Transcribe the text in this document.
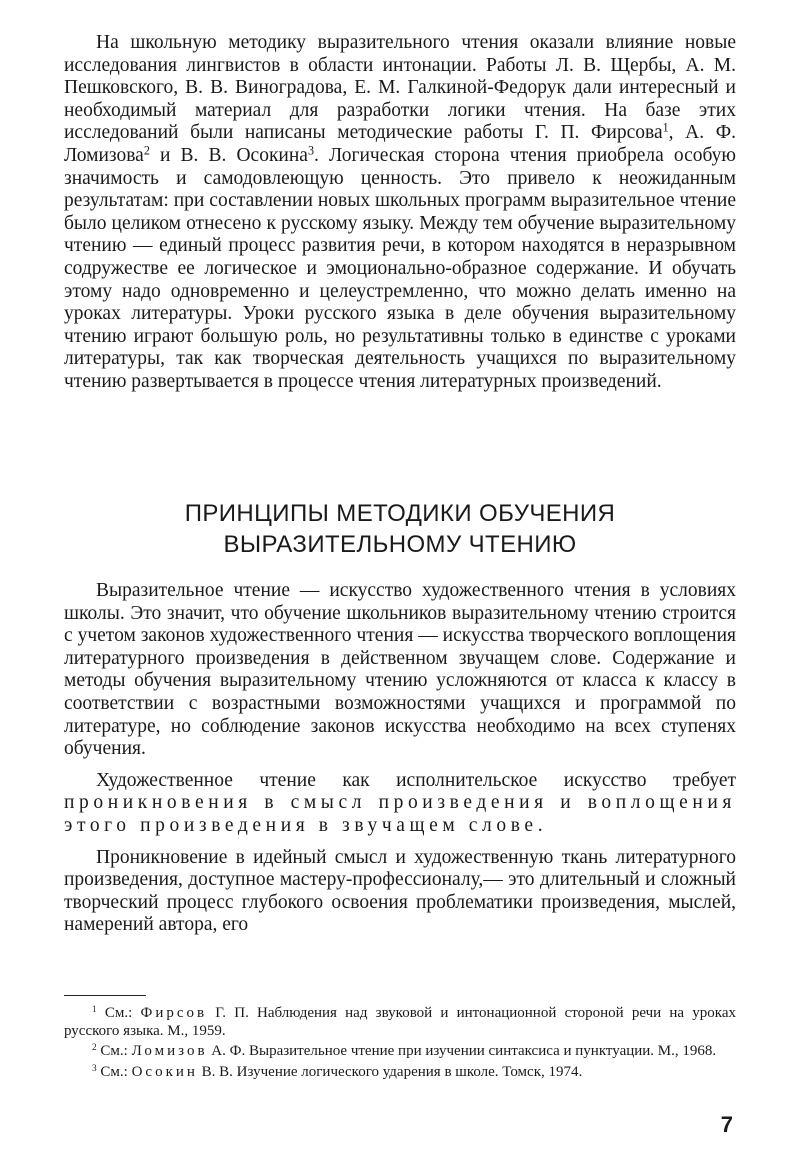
На школьную методику выразительного чтения оказали влияние новые исследования лингвистов в области интонации. Работы Л. В. Щербы, А. М. Пешковского, В. В. Виноградова, Е. М. Галкиной-Федорук дали интересный и необходимый материал для разработки логики чтения. На базе этих исследований были написаны методические работы Г. П. Фирсова$^1$, А. Ф. Ломизова$^2$ и В. В. Осокина$^3$. Логическая сторона чтения приобрела особую значимость и самодовлеющую ценность. Это привело к неожиданным результатам: при составлении новых школьных программ выразительное чтение было целиком отнесено к русскому языку. Между тем обучение выразительному чтению — единый процесс развития речи, в котором находятся в неразрывном содружестве ее логическое и эмоционально-образное содержание. И обучать этому надо одновременно и целеустремленно, что можно делать именно на уроках литературы. Уроки русского языка в деле обучения выразительному чтению играют большую роль, но результативны только в единстве с уроками литературы, так как творческая деятельность учащихся по выразительному чтению развертывается в процессе чтения литературных произведений.
ПРИНЦИПЫ МЕТОДИКИ ОБУЧЕНИЯ
ВЫРАЗИТЕЛЬНОМУ ЧТЕНИЮ
Выразительное чтение — искусство художественного чтения в условиях школы. Это значит, что обучение школьников выразительному чтению строится с учетом законов художественного чтения — искусства творческого воплощения литературного произведения в действенном звучащем слове. Содержание и методы обучения выразительному чтению усложняются от класса к классу в соответствии с возрастными возможностями учащихся и программой по литературе, но соблюдение законов искусства необходимо на всех ступенях обучения.
Художественное чтение как исполнительское искусство требует проникновения в смысл произведения и воплощения этого произведения в звучащем слове.
Проникновение в идейный смысл и художественную ткань литературного произведения, доступное мастеру-профессионалу,— это длительный и сложный творческий процесс глубокого освоения проблематики произведения, мыслей, намерений автора, его
$^1$ См.: Фирсов Г. П. Наблюдения над звуковой и интонационной стороной речи на уроках русского языка. М., 1959.
$^2$ См.: Ломизов А. Ф. Выразительное чтение при изучении синтаксиса и пунктуации. М., 1968.
$^3$ См.: Осокин В. В. Изучение логического ударения в школе. Томск, 1974.
7
